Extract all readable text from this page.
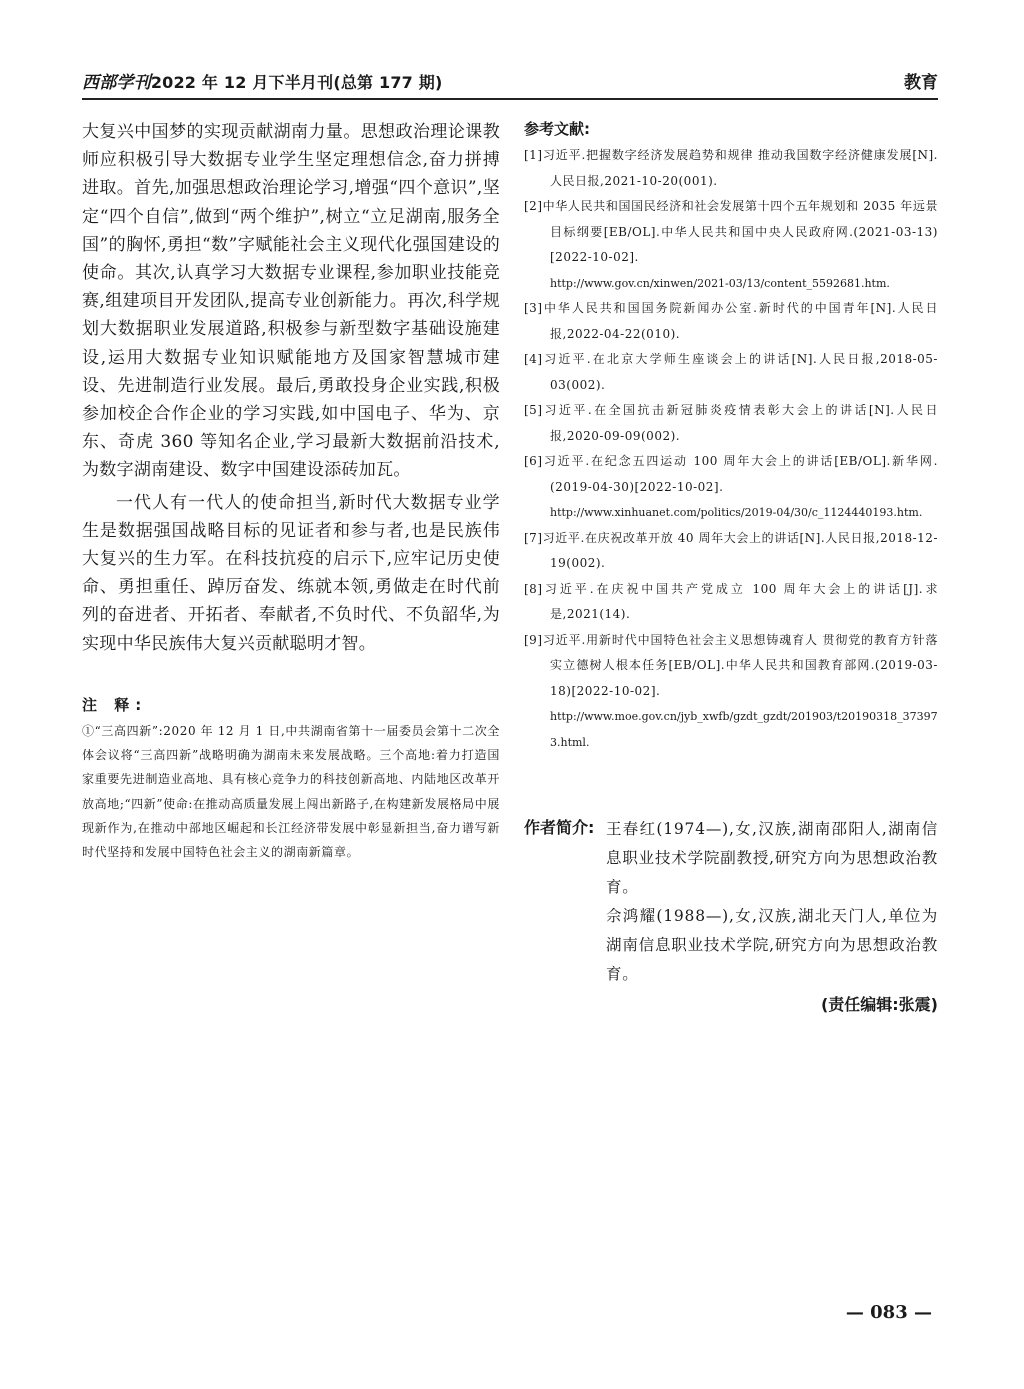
西部学刊2022 年 12 月下半月刊(总第 177 期)	教育

大复兴中国梦的实现贡献湖南力量。思想政治理论课教师应积极引导大数据专业学生坚定理想信念,奋力拼搏进取。首先,加强思想政治理论学习,增强“四个意识”,坚定“四个自信”,做到“两个维护”,树立“立足湖南,服务全国”的胸怀,勇担“数”字赋能社会主义现代化强国建设的使命。其次,认真学习大数据专业课程,参加职业技能竞赛,组建项目开发团队,提高专业创新能力。再次,科学规划大数据职业发展道路,积极参与新型数字基础设施建设,运用大数据专业知识赋能地方及国家智慧城市建设、先进制造行业发展。最后,勇敢投身企业实践,积极参加校企合作企业的学习实践,如中国电子、华为、京东、奇虎 360 等知名企业,学习最新大数据前沿技术,为数字湖南建设、数字中国建设添砖加瓦。

一代人有一代人的使命担当,新时代大数据专业学生是数据强国战略目标的见证者和参与者,也是民族伟大复兴的生力军。在科技抗疫的启示下,应牢记历史使命、勇担重任、踔厉奋发、练就本领,勇做走在时代前列的奋进者、开拓者、奉献者,不负时代、不负韶华,为实现中华民族伟大复兴贡献聪明才智。

注 释:

①“三高四新”:2020 年 12 月 1 日,中共湖南省第十一届委员会第十二次全体会议将“三高四新”战略明确为湖南未来发展战略。三个高地:着力打造国家重要先进制造业高地、具有核心竞争力的科技创新高地、内陆地区改革开放高地;“四新”使命:在推动高质量发展上闯出新路子,在构建新发展格局中展现新作为,在推动中部地区崛起和长江经济带发展中彰显新担当,奋力谱写新时代坚持和发展中国特色社会主义的湖南新篇章。

参考文献:

[1]习近平.把握数字经济发展趋势和规律 推动我国数字经济健康发展[N].人民日报,2021-10-20(001).

[2]中华人民共和国国民经济和社会发展第十四个五年规划和 2035 年远景目标纲要[EB/OL].中华人民共和国中央人民政府网.(2021-03-13)[2022-10-02].
http://www.gov.cn/xinwen/2021-03/13/content_5592681.htm.

[3]中华人民共和国国务院新闻办公室.新时代的中国青年[N].人民日报,2022-04-22(010).

[4]习近平.在北京大学师生座谈会上的讲话[N].人民日报,2018-05-03(002).

[5]习近平.在全国抗击新冠肺炎疫情表彰大会上的讲话[N].人民日报,2020-09-09(002).

[6]习近平.在纪念五四运动 100 周年大会上的讲话[EB/OL].新华网.(2019-04-30)[2022-10-02].
http://www.xinhuanet.com/politics/2019-04/30/c_1124440193.htm.

[7]习近平.在庆祝改革开放 40 周年大会上的讲话[N].人民日报,2018-12-19(002).

[8]习近平.在庆祝中国共产党成立 100 周年大会上的讲话[J].求是,2021(14).

[9]习近平.用新时代中国特色社会主义思想铸魂育人 贯彻党的教育方针落实立德树人根本任务[EB/OL].中华人民共和国教育部网.(2019-03-18)[2022-10-02].
http://www.moe.gov.cn/jyb_xwfb/gzdt_gzdt/201903/t20190318_373973.html.

作者简介: 王春红(1974—),女,汉族,湖南邵阳人,湖南信息职业技术学院副教授,研究方向为思想政治教育。

佘鸿耀(1988—),女,汉族,湖北天门人,单位为湖南信息职业技术学院,研究方向为思想政治教育。

(责任编辑:张震)
— 083 —
